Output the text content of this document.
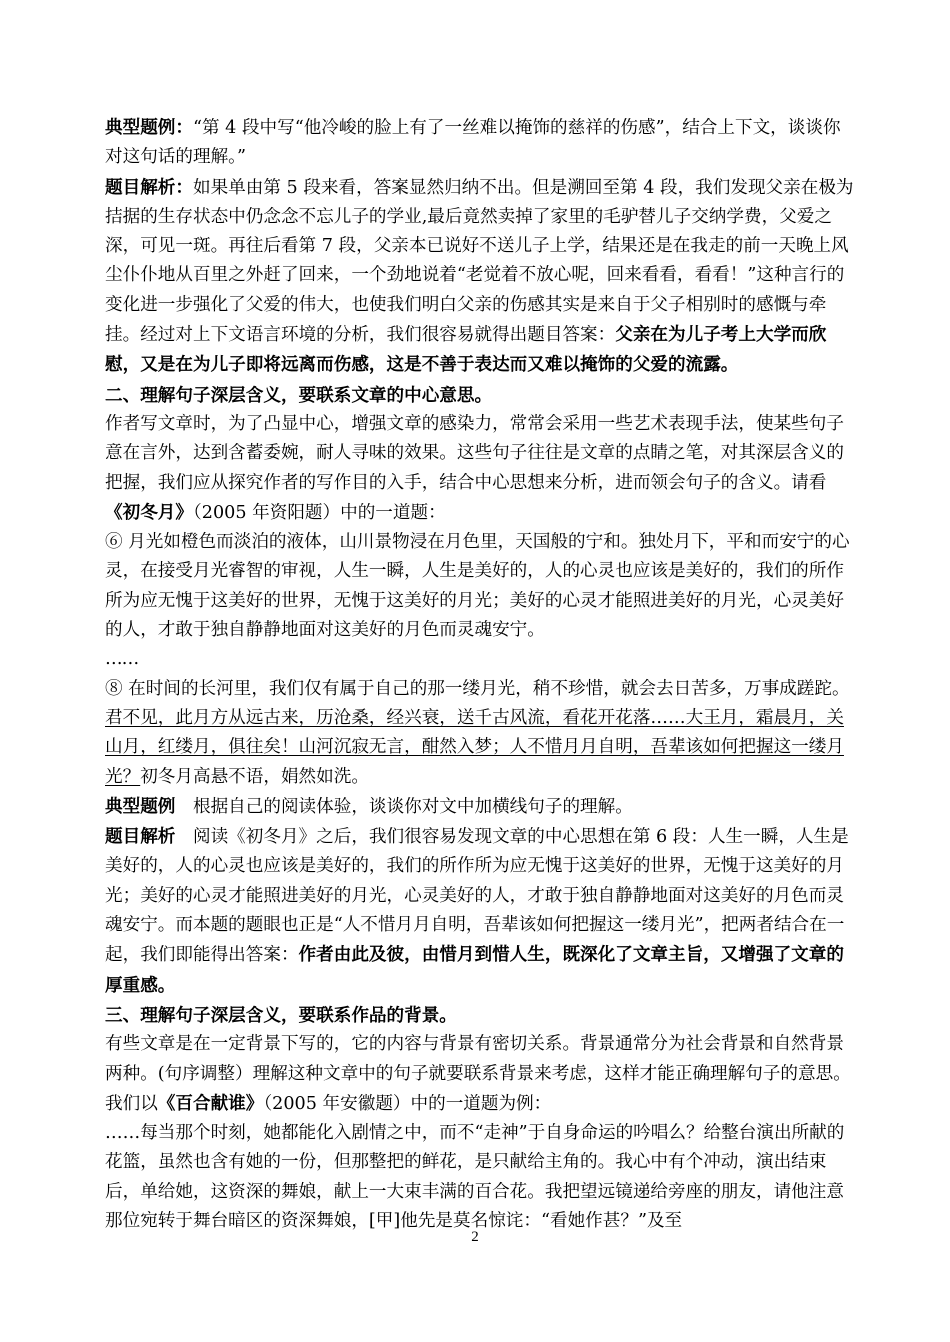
典型题例：“第 4 段中写“他冷峻的脸上有了一丝难以掩饰的慈祥的伤感”，结合上下文，谈谈你对这句话的理解。”

题目解析：如果单由第 5 段来看，答案显然归纳不出。但是溯回至第 4 段，我们发现父亲在极为拮据的生存状态中仍念念不忘儿子的学业,最后竟然卖掉了家里的毛驴替儿子交纳学费，父爱之深，可见一斑。再往后看第 7 段，父亲本已说好不送儿子上学，结果还是在我走的前一天晚上风尘仆仆地从百里之外赶了回来，一个劲地说着“老觉着不放心呢，回来看看，看看！”这种言行的变化进一步强化了父爱的伟大，也使我们明白父亲的伤感其实是来自于父子相别时的感慨与牵挂。经过对上下文语言环境的分析，我们很容易就得出题目答案：父亲在为儿子考上大学而欣慰，又是在为儿子即将远离而伤感，这是不善于表达而又难以掩饰的父爱的流露。

二、理解句子深层含义，要联系文章的中心意思。

作者写文章时，为了凸显中心，增强文章的感染力，常常会采用一些艺术表现手法，使某些句子意在言外，达到含蓄委婉，耐人寻味的效果。这些句子往往是文章的点睛之笔，对其深层含义的把握，我们应从探究作者的写作目的入手，结合中心思想来分析，进而领会句子的含义。请看《初冬月》（2005 年资阳题）中的一道题：

⑥ 月光如橙色而淡泊的液体，山川景物浸在月色里，天国般的宁和。独处月下，平和而安宁的心灵，在接受月光睿智的审视，人生一瞬，人生是美好的，人的心灵也应该是美好的，我们的所作所为应无愧于这美好的世界，无愧于这美好的月光；美好的心灵才能照进美好的月光，心灵美好的人，才敢于独自静静地面对这美好的月色而灵魂安宁。

……

⑧ 在时间的长河里，我们仅有属于自己的那一缕月光，稍不珍惜，就会去日苦多，万事成蹉跎。君不见，此月方从远古来，历沧桑，经兴衰，送千古风流，看花开花落……大王月，霜晨月，关山月，红缕月，俱往矣！山河沉寂无言，酣然入梦；人不惜月月自明，吾辈该如何把握这一缕月光？初冬月高悬不语，娟然如洗。

典型题例　根据自己的阅读体验，谈谈你对文中加横线句子的理解。

题目解析　阅读《初冬月》之后，我们很容易发现文章的中心思想在第 6 段：人生一瞬，人生是美好的，人的心灵也应该是美好的，我们的所作所为应无愧于这美好的世界，无愧于这美好的月光；美好的心灵才能照进美好的月光，心灵美好的人，才敢于独自静静地面对这美好的月色而灵魂安宁。而本题的题眼也正是“人不惜月月自明，吾辈该如何把握这一缕月光”，把两者结合在一起，我们即能得出答案：作者由此及彼，由惜月到惜人生，既深化了文章主旨，又增强了文章的厚重感。

三、理解句子深层含义，要联系作品的背景。

有些文章是在一定背景下写的，它的内容与背景有密切关系。背景通常分为社会背景和自然背景两种。(句序调整）理解这种文章中的句子就要联系背景来考虑，这样才能正确理解句子的意思。　我们以《百合献谁》（2005 年安徽题）中的一道题为例：

……每当那个时刻，她都能化入剧情之中，而不“走神”于自身命运的吟唱么？给整台演出所献的花篮，虽然也含有她的一份，但那整把的鲜花，是只献给主角的。我心中有个冲动，演出结束后，单给她，这资深的舞娘，献上一大束丰满的百合花。我把望远镜递给旁座的朋友，请他注意那位宛转于舞台暗区的资深舞娘，[甲]他先是莫名惊诧：“看她作甚？”及至

2
